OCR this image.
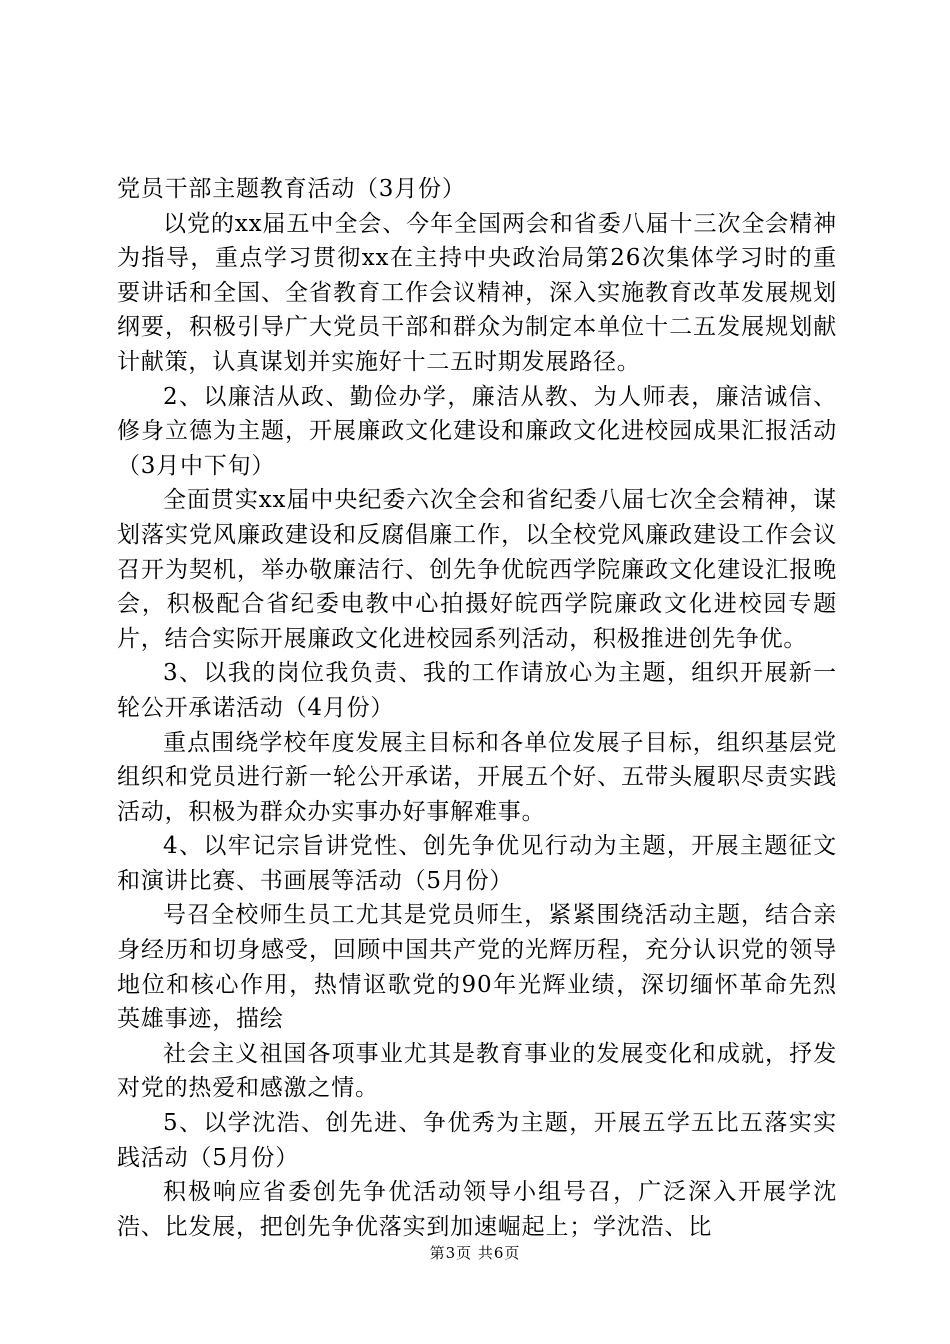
党员干部主题教育活动（3月份）

以党的xx届五中全会、今年全国两会和省委八届十三次全会精神为指导，重点学习贯彻xx在主持中央政治局第26次集体学习时的重要讲话和全国、全省教育工作会议精神，深入实施教育改革发展规划纲要，积极引导广大党员干部和群众为制定本单位十二五发展规划献计献策，认真谋划并实施好十二五时期发展路径。

2、以廉洁从政、勤俭办学，廉洁从教、为人师表，廉洁诚信、修身立德为主题，开展廉政文化建设和廉政文化进校园成果汇报活动（3月中下旬）

全面贯实xx届中央纪委六次全会和省纪委八届七次全会精神，谋划落实党风廉政建设和反腐倡廉工作，以全校党风廉政建设工作会议召开为契机，举办敬廉洁行、创先争优皖西学院廉政文化建设汇报晚会，积极配合省纪委电教中心拍摄好皖西学院廉政文化进校园专题片，结合实际开展廉政文化进校园系列活动，积极推进创先争优。

3、以我的岗位我负责、我的工作请放心为主题，组织开展新一轮公开承诺活动（4月份）

重点围绕学校年度发展主目标和各单位发展子目标，组织基层党组织和党员进行新一轮公开承诺，开展五个好、五带头履职尽责实践活动，积极为群众办实事办好事解难事。

4、以牢记宗旨讲党性、创先争优见行动为主题，开展主题征文和演讲比赛、书画展等活动（5月份）

号召全校师生员工尤其是党员师生，紧紧围绕活动主题，结合亲身经历和切身感受，回顾中国共产党的光辉历程，充分认识党的领导地位和核心作用，热情讴歌党的90年光辉业绩，深切缅怀革命先烈英雄事迹，描绘

社会主义祖国各项事业尤其是教育事业的发展变化和成就，抒发对党的热爱和感激之情。

5、以学沈浩、创先进、争优秀为主题，开展五学五比五落实实践活动（5月份）

积极响应省委创先争优活动领导小组号召，广泛深入开展学沈浩、比发展，把创先争优落实到加速崛起上；学沈浩、比

第3页 共6页
